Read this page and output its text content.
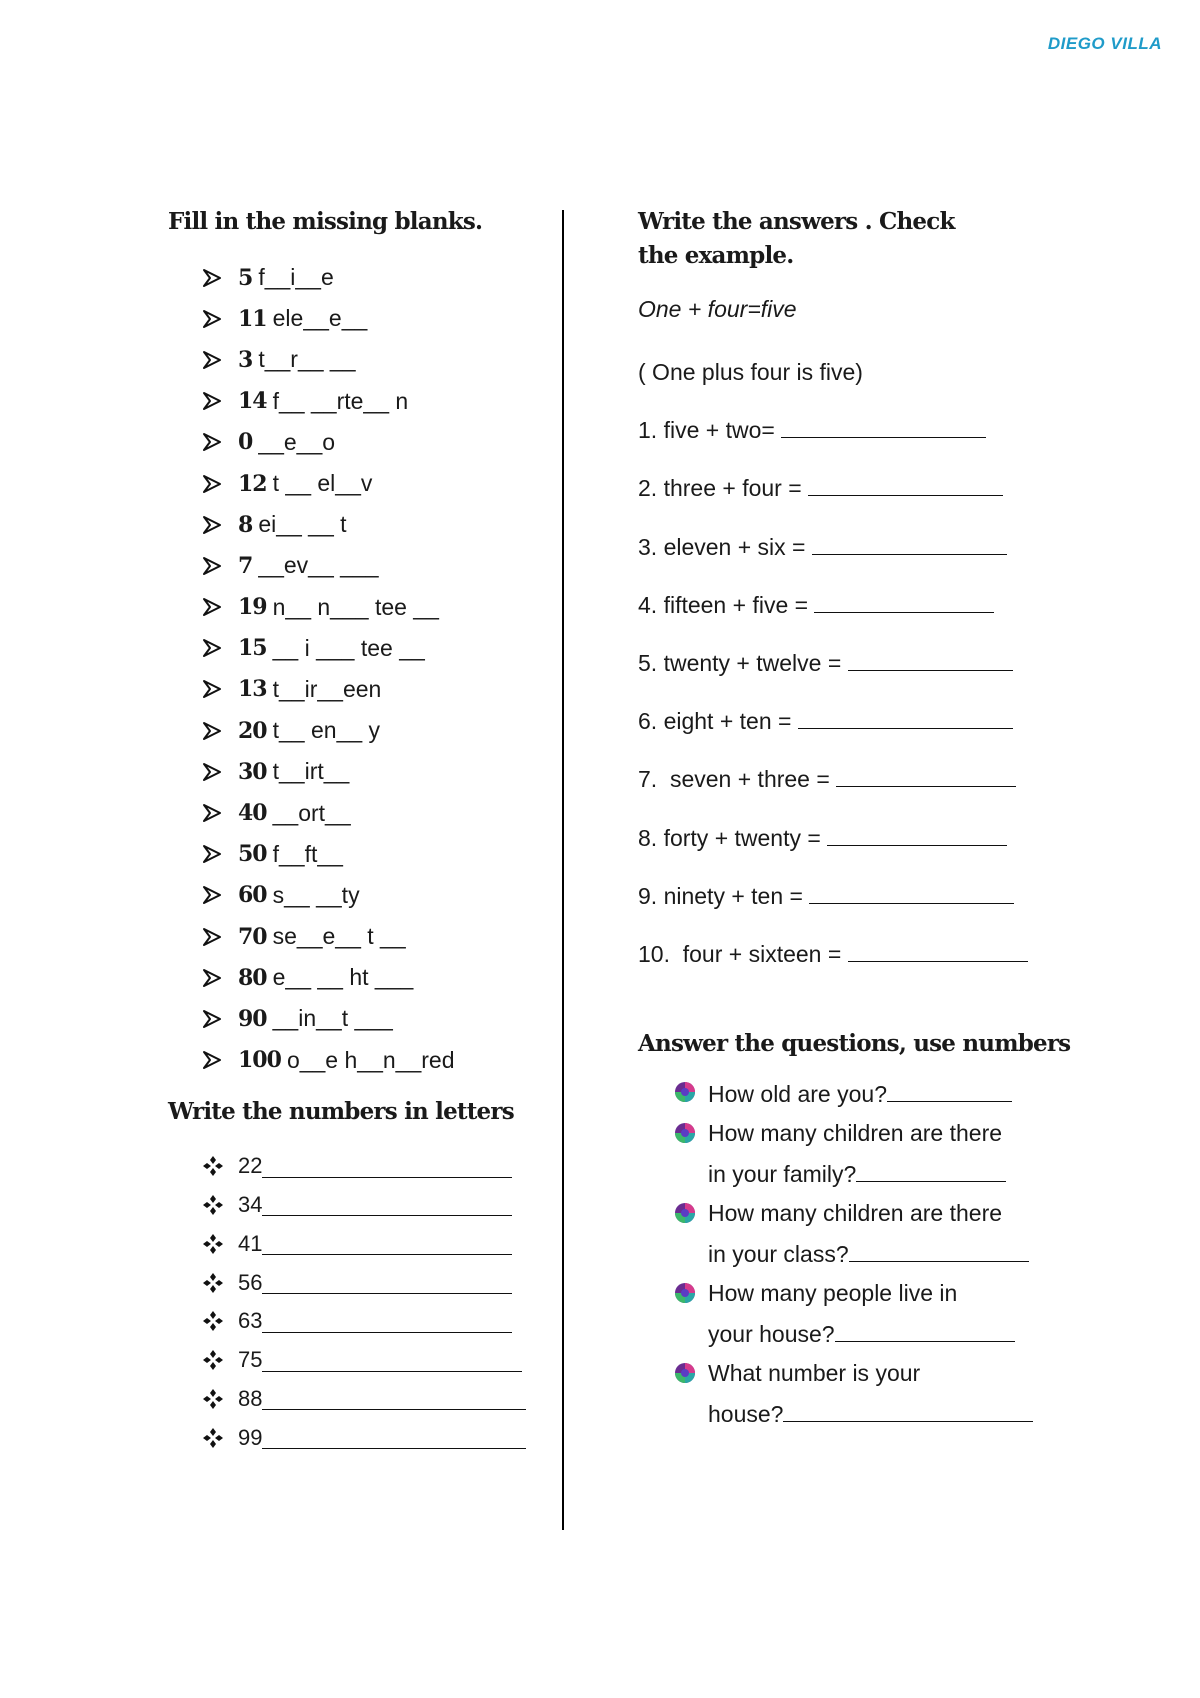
DIEGO VILLA
Fill in the missing blanks.
5 f__i__e
11 ele__e__
3 t__r__ __
14 f__ __rte__ n
0 __e__o
12 t __ el__v
8 ei__ __ t
7 __ev__ ___
19 n__ n___ tee __
15 __ i ___ tee __
13 t__ir__een
20 t__ en__ y
30 t__irt__
40 __ort__
50 f__ft__
60 s__ __ty
70 se__e__ t __
80 e__ __ ht ___
90 __in__t ___
100 o__e h__n__red
Write the numbers in letters
22
34
41
56
63
75
88
99
Write the answers . Check the example.

One + four=five

( One plus four is five)
1. five + two=
2. three + four =
3. eleven + six =
4. fifteen + five =
5. twenty + twelve =
6. eight + ten =
7.  seven + three =
8. forty + twenty =
9. ninety + ten =
10.  four + sixteen =
Answer the questions, use numbers
How old are you?
How many children are there
in your family?
How many children are there
in your class?
How many people live in
your house?
What number is your
house?
